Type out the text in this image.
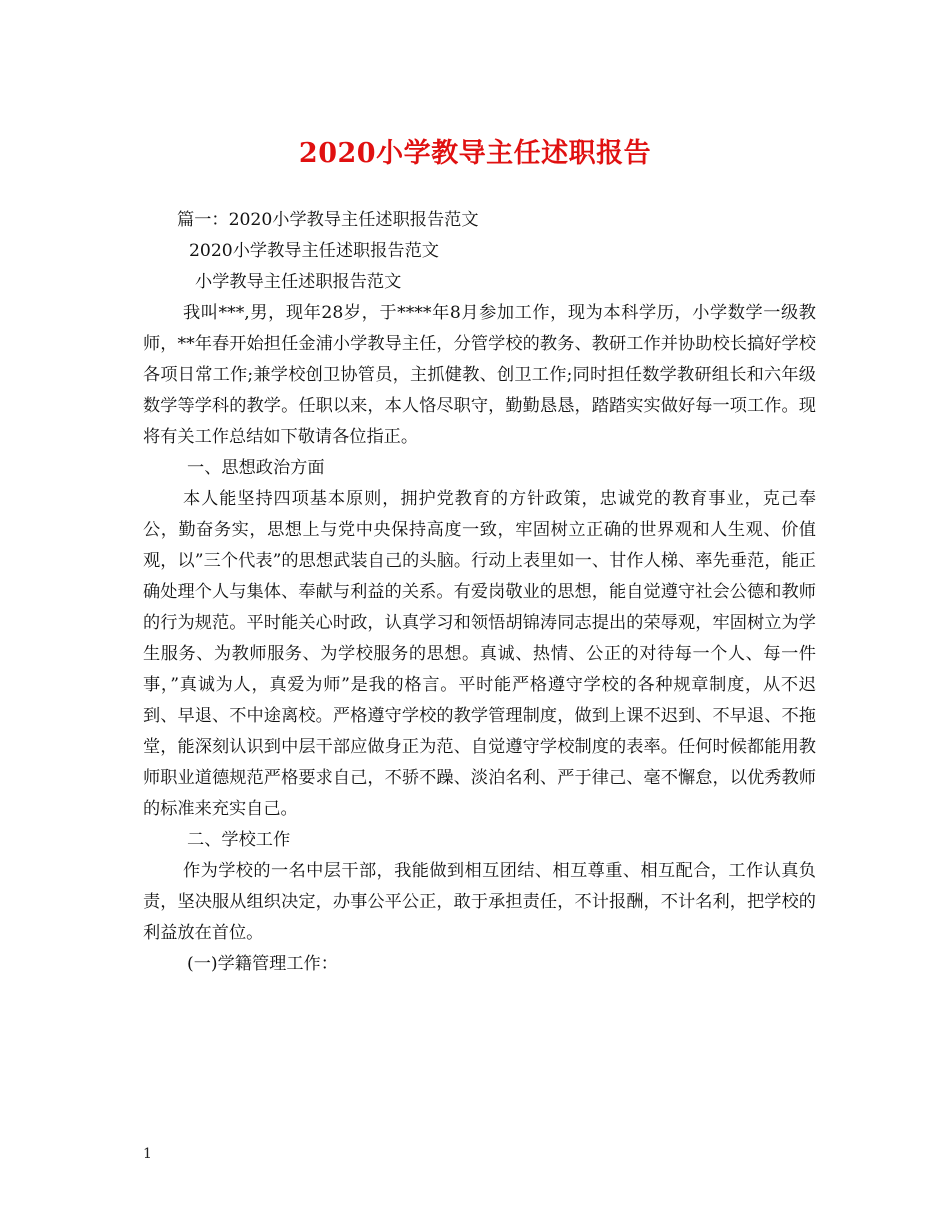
2020小学教导主任述职报告

篇一：2020小学教导主任述职报告范文

2020小学教导主任述职报告范文

小学教导主任述职报告范文

我叫***,男，现年28岁，于****年8月参加工作，现为本科学历，小学数学一级教师，**年春开始担任金浦小学教导主任，分管学校的教务、教研工作并协助校长搞好学校各项日常工作;兼学校创卫协管员，主抓健教、创卫工作;同时担任数学教研组长和六年级数学等学科的教学。任职以来，本人恪尽职守，勤勤恳恳，踏踏实实做好每一项工作。现将有关工作总结如下敬请各位指正。

一、思想政治方面

本人能坚持四项基本原则，拥护党教育的方针政策，忠诚党的教育事业，克己奉公，勤奋务实，思想上与党中央保持高度一致，牢固树立正确的世界观和人生观、价值观，以”三个代表”的思想武装自己的头脑。行动上表里如一、甘作人梯、率先垂范，能正确处理个人与集体、奉献与利益的关系。有爱岗敬业的思想，能自觉遵守社会公德和教师的行为规范。平时能关心时政，认真学习和领悟胡锦涛同志提出的荣辱观，牢固树立为学生服务、为教师服务、为学校服务的思想。真诚、热情、公正的对待每一个人、每一件事，”真诚为人，真爱为师”是我的格言。平时能严格遵守学校的各种规章制度，从不迟到、早退、不中途离校。严格遵守学校的教学管理制度，做到上课不迟到、不早退、不拖堂，能深刻认识到中层干部应做身正为范、自觉遵守学校制度的表率。任何时候都能用教师职业道德规范严格要求自己，不骄不躁、淡泊名利、严于律己、毫不懈怠，以优秀教师的标准来充实自己。

二、学校工作

作为学校的一名中层干部，我能做到相互团结、相互尊重、相互配合，工作认真负责，坚决服从组织决定，办事公平公正，敢于承担责任，不计报酬，不计名利，把学校的利益放在首位。

(一)学籍管理工作：

1
